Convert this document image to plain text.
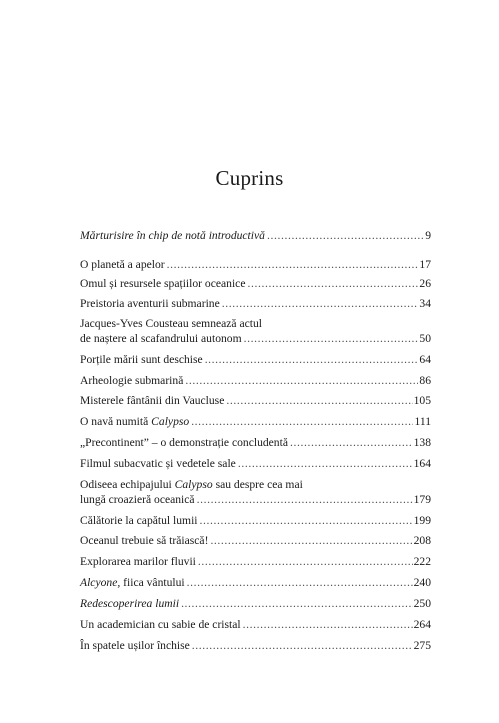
Cuprins
Mărturisire în chip de notă introductivă .....	9
O planetă a apelor .....	17
Omul și resursele spațiilor oceanice .....	26
Preistoria aventurii submarine .....	34
Jacques-Yves Cousteau semnează actul
de naștere al scafandrului autonom .....	50
Porțile mării sunt deschise .....	64
Arheologie submarină .....	86
Misterele fântânii din Vaucluse .....	105
O navă numită Calypso .....	111
„Precontinent” – o demonstrație concludentă .....	138
Filmul subacvatic și vedetele sale .....	164
Odiseea echipajului Calypso sau despre cea mai
lungă croazieră oceanică .....	179
Călătorie la capătul lumii .....	199
Oceanul trebuie să trăiască! .....	208
Explorarea marilor fluvii .....	222
Alcyone, fiica vântului .....	240
Redescoperirea lumii .....	250
Un academician cu sabie de cristal .....	264
În spatele ușilor închise .....	275
